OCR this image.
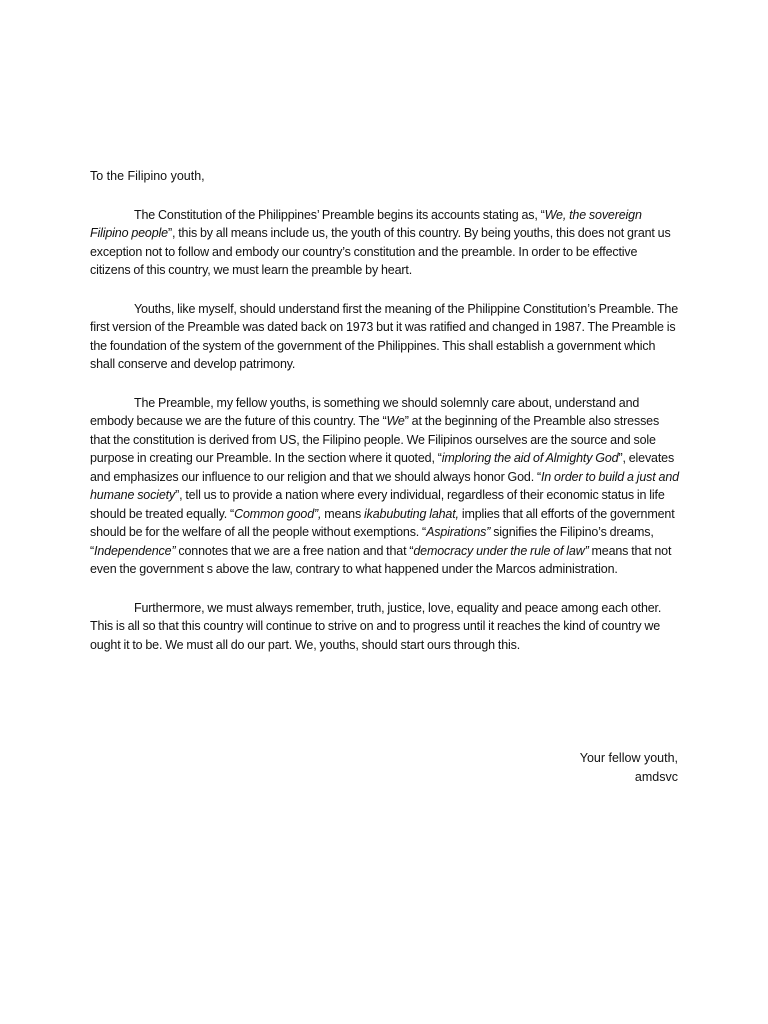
To the Filipino youth,

The Constitution of the Philippines’ Preamble begins its accounts stating as, “We, the sovereign Filipino people”, this by all means include us, the youth of this country. By being youths, this does not grant us exception not to follow and embody our country’s constitution and the preamble. In order to be effective citizens of this country, we must learn the preamble by heart.

Youths, like myself, should understand first the meaning of the Philippine Constitution’s Preamble. The first version of the Preamble was dated back on 1973 but it was ratified and changed in 1987. The Preamble is the foundation of the system of the government of the Philippines. This shall establish a government which shall conserve and develop patrimony.

The Preamble, my fellow youths, is something we should solemnly care about, understand and embody because we are the future of this country. The “We” at the beginning of the Preamble also stresses that the constitution is derived from US, the Filipino people. We Filipinos ourselves are the source and sole purpose in creating our Preamble. In the section where it quoted, “imploring the aid of Almighty God”, elevates and emphasizes our influence to our religion and that we should always honor God. “In order to build a just and humane society”, tell us to provide a nation where every individual, regardless of their economic status in life should be treated equally. “Common good”, means ikabubuting lahat, implies that all efforts of the government should be for the welfare of all the people without exemptions. “Aspirations” signifies the Filipino’s dreams, “Independence” connotes that we are a free nation and that “democracy under the rule of law” means that not even the government s above the law, contrary to what happened under the Marcos administration.

Furthermore, we must always remember, truth, justice, love, equality and peace among each other. This is all so that this country will continue to strive on and to progress until it reaches the kind of country we ought it to be. We must all do our part. We, youths, should start ours through this.

Your fellow youth,
amdsvc
